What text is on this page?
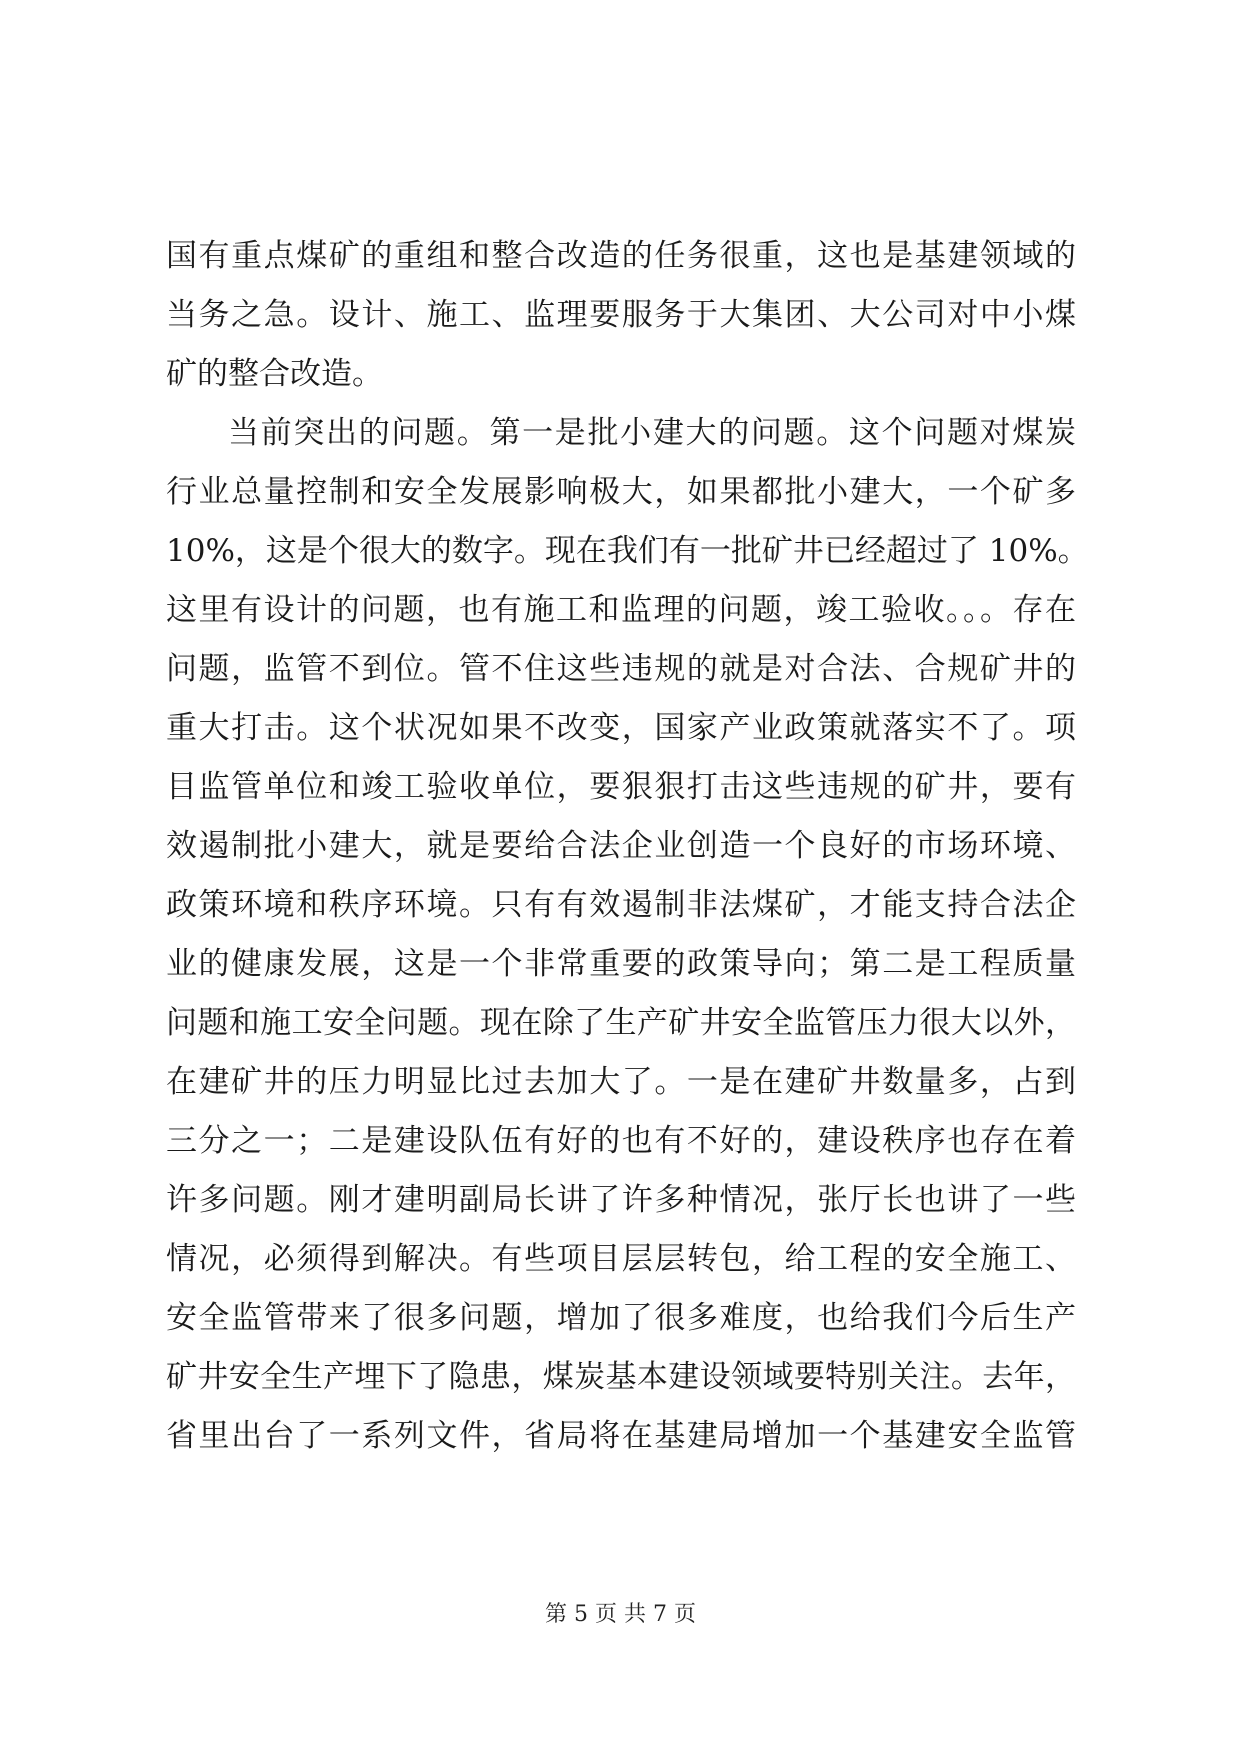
国有重点煤矿的重组和整合改造的任务很重，这也是基建领域的
当务之急。设计、施工、监理要服务于大集团、大公司对中小煤
矿的整合改造。
当前突出的问题。第一是批小建大的问题。这个问题对煤炭
行业总量控制和安全发展影响极大，如果都批小建大，一个矿多
10%，这是个很大的数字。现在我们有一批矿井已经超过了 10%。
这里有设计的问题，也有施工和监理的问题，竣工验收。。。存在
问题，监管不到位。管不住这些违规的就是对合法、合规矿井的
重大打击。这个状况如果不改变，国家产业政策就落实不了。项
目监管单位和竣工验收单位，要狠狠打击这些违规的矿井，要有
效遏制批小建大，就是要给合法企业创造一个良好的市场环境、
政策环境和秩序环境。只有有效遏制非法煤矿，才能支持合法企
业的健康发展，这是一个非常重要的政策导向；第二是工程质量
问题和施工安全问题。现在除了生产矿井安全监管压力很大以外，
在建矿井的压力明显比过去加大了。一是在建矿井数量多，占到
三分之一；二是建设队伍有好的也有不好的，建设秩序也存在着
许多问题。刚才建明副局长讲了许多种情况，张厅长也讲了一些
情况，必须得到解决。有些项目层层转包，给工程的安全施工、
安全监管带来了很多问题，增加了很多难度，也给我们今后生产
矿井安全生产埋下了隐患，煤炭基本建设领域要特别关注。去年，
省里出台了一系列文件，省局将在基建局增加一个基建安全监管
第 5 页 共 7 页
